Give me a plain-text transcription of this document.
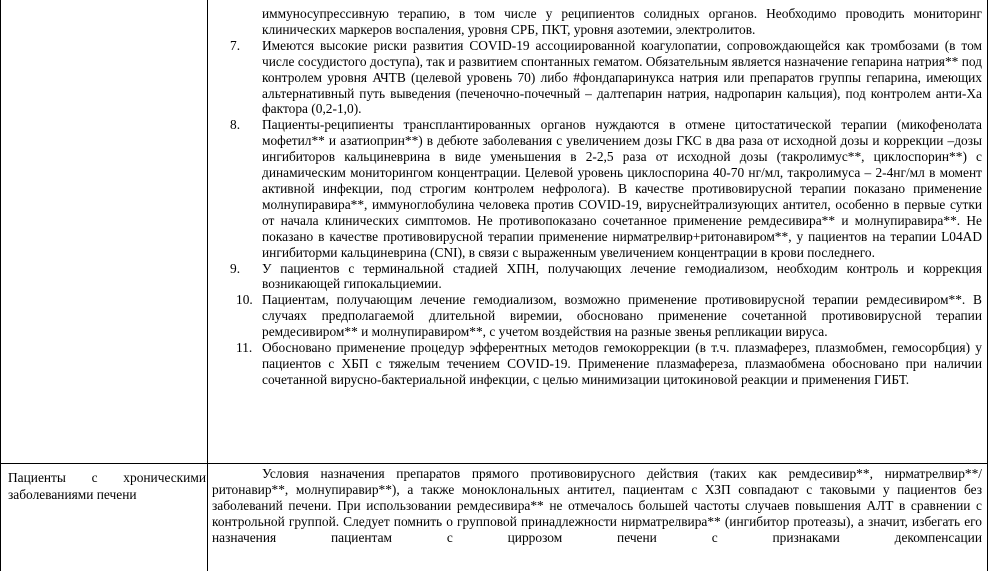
иммуносупрессивную терапию, в том числе у реципиентов солидных органов. Необходимо проводить мониторинг клинических маркеров воспаления, уровня СРБ, ПКТ, уровня азотемии, электролитов.
7. Имеются высокие риски развития COVID-19 ассоциированной коагулопатии, сопровождающейся как тромбозами (в том числе сосудистого доступа), так и развитием спонтанных гематом. Обязательным является назначение гепарина натрия** под контролем уровня АЧТВ (целевой уровень 70) либо #фондапаринукса натрия или препаратов группы гепарина, имеющих альтернативный путь выведения (печеночно-почечный – далтепарин натрия, надропарин кальция), под контролем анти-Xa фактора (0,2-1,0).
8. Пациенты-реципиенты трансплантированных органов нуждаются в отмене цитостатической терапии (микофенолата мофетил** и азатиоприн**) в дебюте заболевания с увеличением дозы ГКС в два раза от исходной дозы и коррекции –дозы ингибиторов кальциневрина в виде уменьшения в 2-2,5 раза от исходной дозы (такролимус**, циклоспорин**) с динамическим мониторингом концентрации. Целевой уровень циклоспорина 40-70 нг/мл, такролимуса – 2-4нг/мл в момент активной инфекции, под строгим контролем нефролога). В качестве противовирусной терапии показано применение молнупиравира**, иммуноглобулина человека против COVID-19, вируснейтрализующих антител, особенно в первые сутки от начала клинических симптомов. Не противопоказано сочетанное применение ремдесивира** и молнупиравира**. Не показано в качестве противовирусной терапии применение нирматрелвир+ритонавиром**, у пациентов на терапии L04AD ингибиторми кальциневрина (CNI), в связи с выраженным увеличением концентрации в крови последнего.
9. У пациентов с терминальной стадией ХПН, получающих лечение гемодиализом, необходим контроль и коррекция возникающей гипокальциемии.
10. Пациентам, получающим лечение гемодиализом, возможно применение противовирусной терапии ремдесивиром**. В случаях предполагаемой длительной виремии, обосновано применение сочетанной противовирусной терапии ремдесивиром** и молнупиравиром**, с учетом воздействия на разные звенья репликации вируса.
11. Обосновано применение процедур эфферентных методов гемокоррекции (в т.ч. плазмаферез, плазмобмен, гемосорбция) у пациентов с ХБП с тяжелым течением COVID-19. Применение плазмафереза, плазмаобмена обосновано при наличии сочетанной вирусно-бактериальной инфекции, с целью минимизации цитокиновой реакции и применения ГИБТ.
Пациенты с хроническими заболеваниями печени
Условия назначения препаратов прямого противовирусного действия (таких как ремдесивир**, нирматрелвир**/ритонавир**, молнупиравир**), а также моноклональных антител, пациентам с ХЗП совпадают с таковыми у пациентов без заболеваний печени. При использовании ремдесивира** не отмечалось большей частоты случаев повышения АЛТ в сравнении с контрольной группой. Следует помнить о групповой принадлежности нирматрелвира** (ингибитор протеазы), а значит, избегать его назначения пациентам с циррозом печени с признаками декомпенсации
